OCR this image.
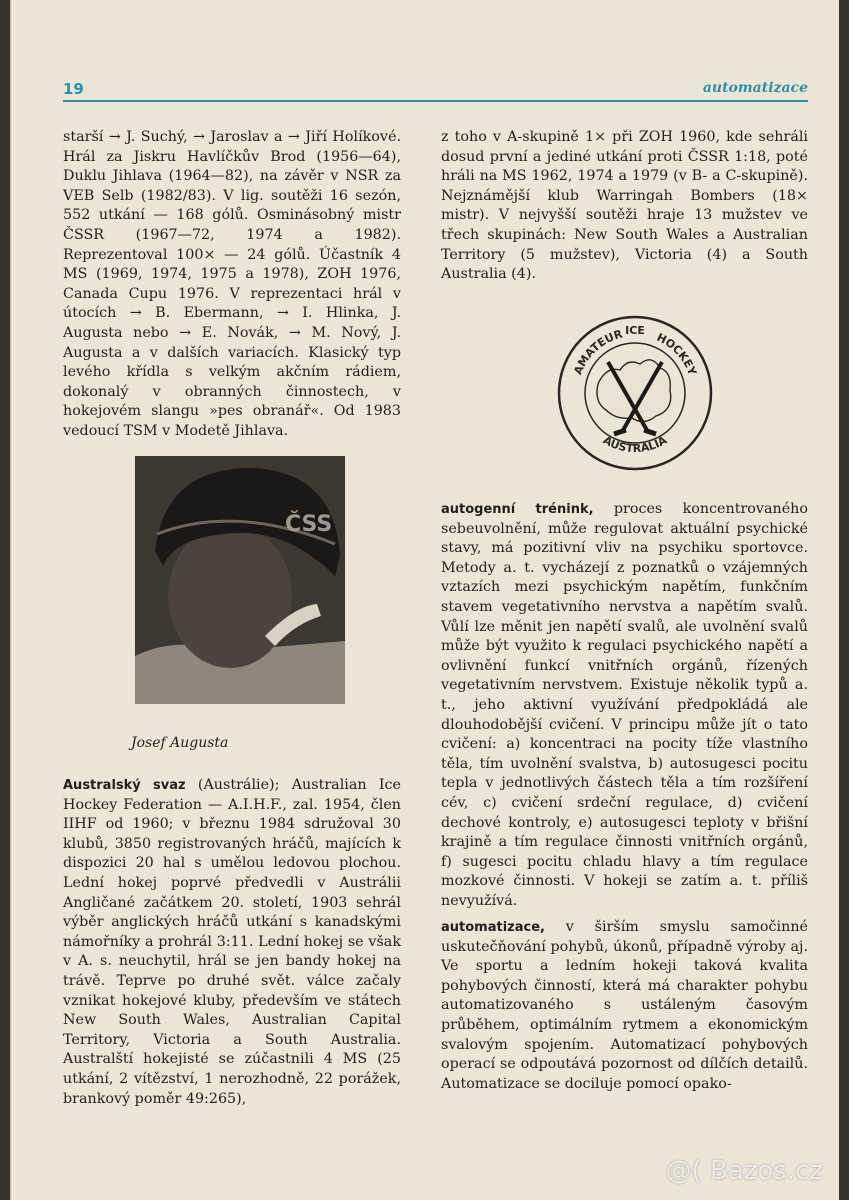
19	automatizace

starší → J. Suchý, → Jaroslav a → Jiří Holíkové. Hrál za Jiskru Havlíčkův Brod (1956—64), Duklu Jihlava (1964—82), na závěr v NSR za VEB Selb (1982/83). V lig. soutěži 16 sezón, 552 utkání — 168 gólů. Osminásobný mistr ČSSR (1967—72, 1974 a 1982). Reprezentoval 100× — 24 gólů. Účastník 4 MS (1969, 1974, 1975 a 1978), ZOH 1976, Canada Cupu 1976. V reprezentaci hrál v útocích → B. Ebermann, → I. Hlinka, J. Augusta nebo → E. Novák, → M. Nový, J. Augusta a v dalších variacích. Klasický typ levého křídla s velkým akčním rádiem, dokonalý v obranných činnostech, v hokejovém slangu »pes obranář«. Od 1983 vedoucí TSM v Modetě Jihlava.

ČSS
Josef Augusta

Australský svaz (Austrálie); Australian Ice Hockey Federation — A.I.H.F., zal. 1954, člen IIHF od 1960; v březnu 1984 sdružoval 30 klubů, 3850 registrovaných hráčů, majících k dispozici 20 hal s umělou ledovou plochou. Lední hokej poprvé předvedli v Austrálii Angličané začátkem 20. století, 1903 sehrál výběr anglických hráčů utkání s kanadskými námořníky a prohrál 3:11. Lední hokej se však v A. s. neuchytil, hrál se jen bandy hokej na trávě. Teprve po druhé svět. válce začaly vznikat hokejové kluby, především ve státech New South Wales, Australian Capital Territory, Victoria a South Australia. Australští hokejisté se zúčastnili 4 MS (25 utkání, 2 vítězství, 1 nerozhodně, 22 porážek, brankový poměr 49:265),

z toho v A-skupině 1× při ZOH 1960, kde sehráli dosud první a jediné utkání proti ČSSR 1:18, poté hráli na MS 1962, 1974 a 1979 (v B- a C-skupině). Nejznámější klub Warringah Bombers (18× mistr). V nejvyšší soutěži hraje 13 mužstev ve třech skupinách: New South Wales a Australian Territory (5 mužstev), Victoria (4) a South Australia (4).

AMATEUR ICE
HOCKEY
AUSTRALIA

autogenní trénink, proces koncentrovaného sebeuvolnění, může regulovat aktuální psychické stavy, má pozitivní vliv na psychiku sportovce. Metody a. t. vycházejí z poznatků o vzájemných vztazích mezi psychickým napětím, funkčním stavem vegetativního nervstva a napětím svalů. Vůlí lze měnit jen napětí svalů, ale uvolnění svalů může být využito k regulaci psychického napětí a ovlivnění funkcí vnitřních orgánů, řízených vegetativním nervstvem. Existuje několik typů a. t., jeho aktivní využívání předpokládá ale dlouhodobější cvičení. V principu může jít o tato cvičení: a) koncentraci na pocity tíže vlastního těla, tím uvolnění svalstva, b) autosugesci pocitu tepla v jednotlivých částech těla a tím rozšíření cév, c) cvičení srdeční regulace, d) cvičení dechové kontroly, e) autosugesci teploty v břišní krajině a tím regulace činnosti vnitřních orgánů, f) sugesci pocitu chladu hlavy a tím regulace mozkové činnosti. V hokeji se zatím a. t. příliš nevyužívá.

automatizace, v širším smyslu samočinné uskutečňování pohybů, úkonů, případně výroby aj. Ve sportu a ledním hokeji taková kvalita pohybových činností, která má charakter pohybu automatizovaného s ustáleným časovým průběhem, optimálním rytmem a ekonomickým svalovým spojením. Automatizací pohybových operací se odpoutává pozornost od dílčích detailů. Automatizace se dociluje pomocí opako-

@( Bazos.cz
